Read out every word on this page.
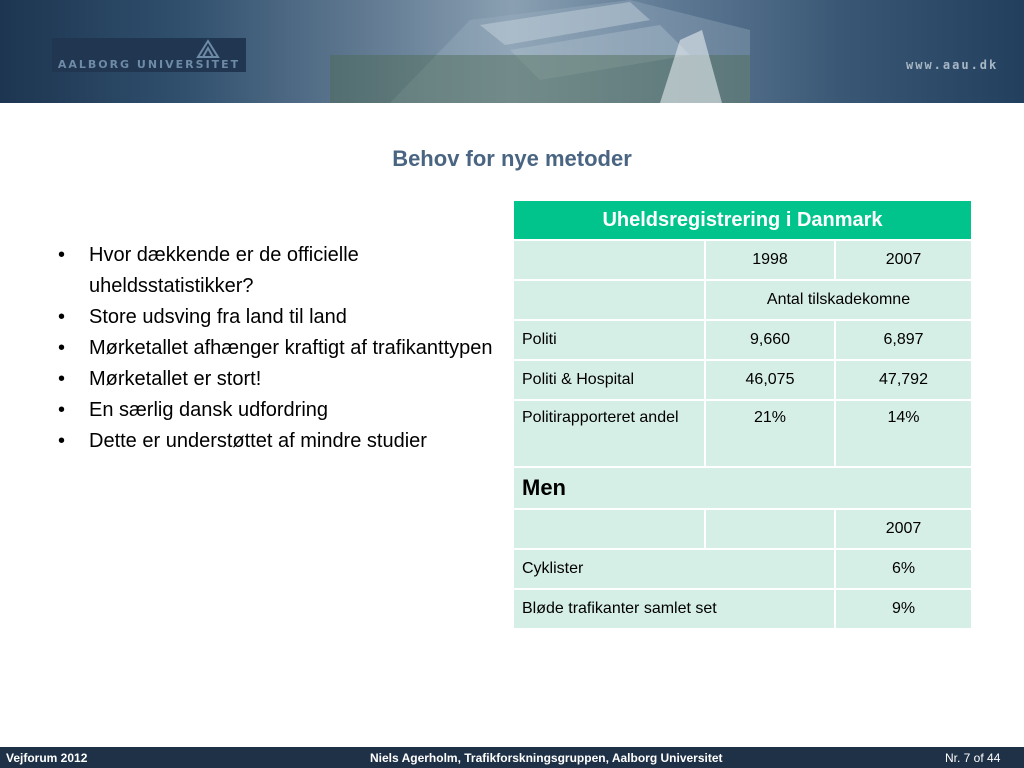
AALBORG UNIVERSITET	www.aau.dk
Behov for nye metoder
• Hvor dækkende er de officielle uheldsstatistikker?
• Store udsving fra land til land
• Mørketallet afhænger kraftigt af trafikanttypen
• Mørketallet er stort!
• En særlig dansk udfordring
• Dette er understøttet af mindre studier
Uheldsregistrering i Danmark		
	1998	2007
	Antal tilskadekomne	
Politi	9,660	6,897
Politi & Hospital	46,075	47,792
Politirapporteret andel	21%	14%
Men		
		2007
Cyklister		6%
Bløde trafikanter samlet set		9%
Vejforum 2012	Niels Agerholm, Trafikforskningsgruppen, Aalborg Universitet	Nr. 7 of 44
